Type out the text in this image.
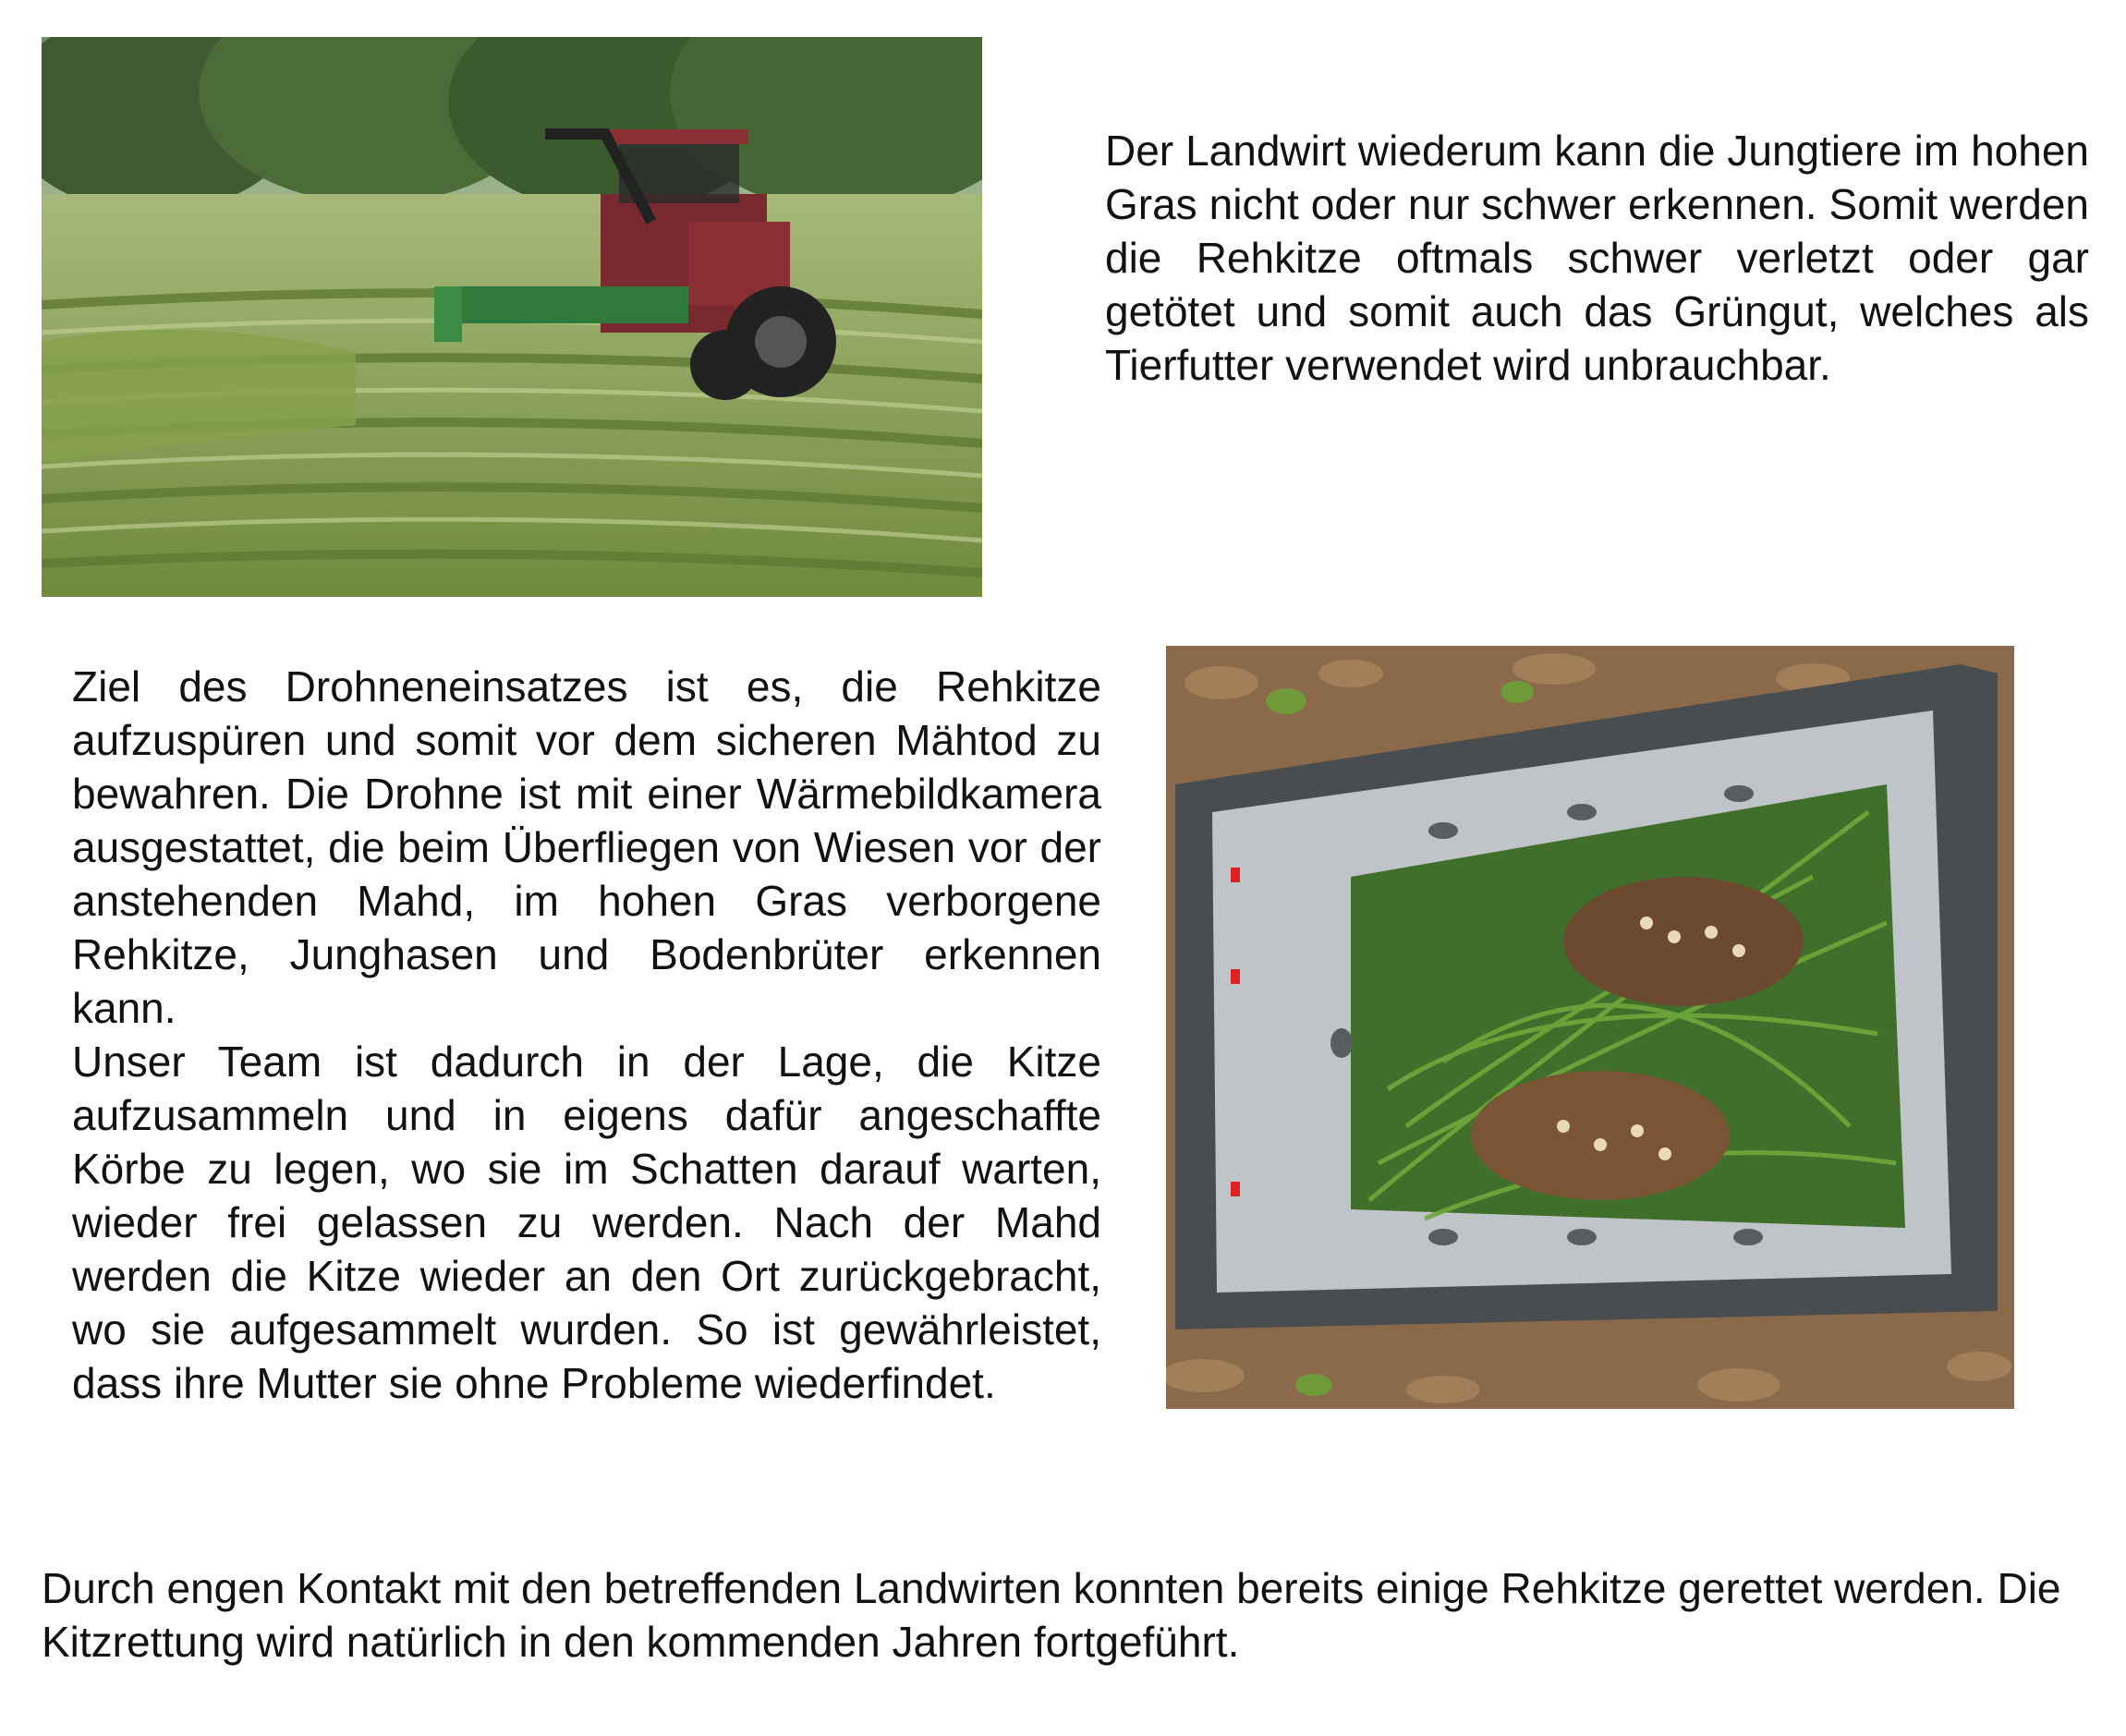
Der Landwirt wiederum kann die Jungtiere im hohen Gras nicht oder nur schwer erkennen. Somit werden die Rehkitze oftmals schwer verletzt oder gar getötet und somit auch das Grüngut, welches als Tierfutter verwendet wird unbrauchbar.

Ziel des Drohneneinsatzes ist es, die Rehkitze aufzuspüren und somit vor dem sicheren Mähtod zu bewahren. Die Drohne ist mit einer Wärmebildkamera ausgestattet, die beim Überfliegen von Wiesen vor der anstehenden Mahd, im hohen Gras verborgene Rehkitze, Junghasen und Bodenbrüter erkennen kann.

Unser Team ist dadurch in der Lage, die Kitze aufzusammeln und in eigens dafür angeschaffte Körbe zu legen, wo sie im Schatten darauf warten, wieder frei gelassen zu werden. Nach der Mahd werden die Kitze wieder an den Ort zurückgebracht, wo sie aufgesammelt wurden. So ist gewährleistet, dass ihre Mutter sie ohne Probleme wiederfindet.

Durch engen Kontakt mit den betreffenden Landwirten konnten bereits einige Rehkitze gerettet werden. Die Kitzrettung wird natürlich in den kommenden Jahren fortgeführt.
